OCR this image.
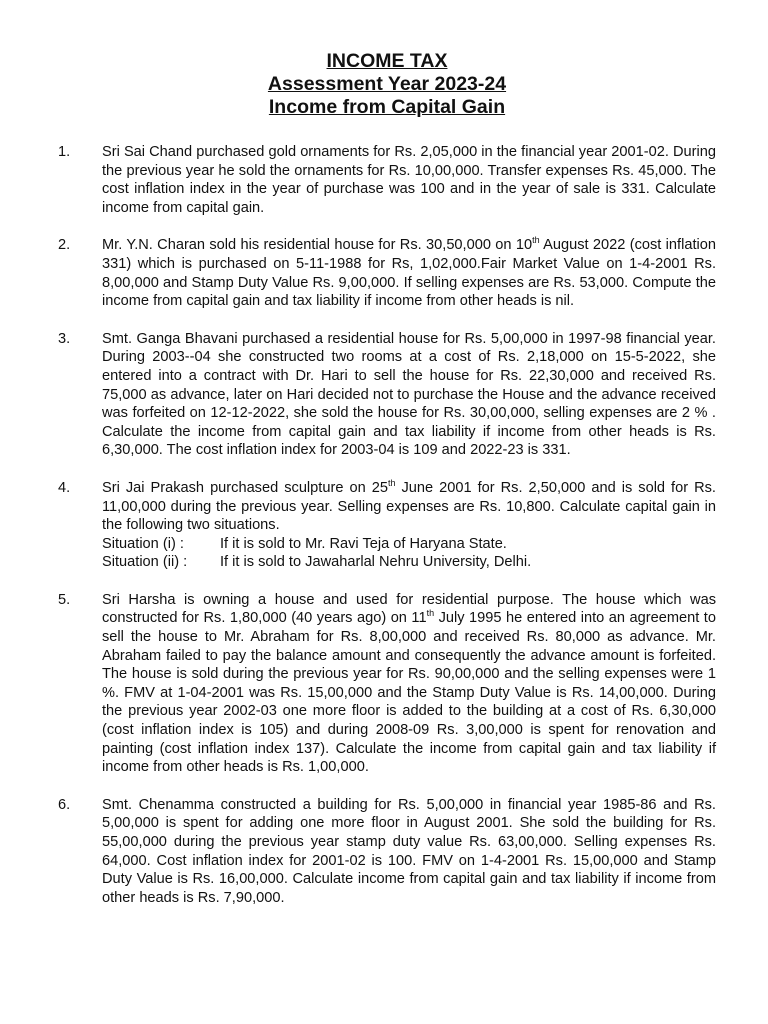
INCOME TAX
Assessment Year 2023-24
Income from Capital Gain
1.	Sri Sai Chand purchased gold ornaments for Rs. 2,05,000 in the financial year 2001-02. During the previous year he sold the ornaments for Rs. 10,00,000. Transfer expenses Rs. 45,000. The cost inflation index in the year of purchase was 100 and in the year of sale is 331. Calculate income from capital gain.
2.	Mr. Y.N. Charan sold his residential house for Rs. 30,50,000 on 10th August 2022 (cost inflation 331) which is purchased on 5-11-1988 for Rs, 1,02,000.Fair Market Value on 1-4-2001 Rs. 8,00,000 and Stamp Duty Value Rs. 9,00,000. If selling expenses are Rs. 53,000. Compute the income from capital gain and tax liability if income from other heads is nil.
3.	Smt. Ganga Bhavani purchased a residential house for Rs. 5,00,000 in 1997-98 financial year. During 2003--04 she constructed two rooms at a cost of Rs. 2,18,000 on 15-5-2022, she entered into a contract with Dr. Hari to sell the house for Rs. 22,30,000 and received Rs. 75,000 as advance, later on Hari decided not to purchase the House and the advance received was forfeited on 12-12-2022, she sold the house for Rs. 30,00,000, selling expenses are 2 % . Calculate the income from capital gain and tax liability if income from other heads is Rs. 6,30,000. The cost inflation index for 2003-04 is 109 and 2022-23 is 331.
4.	Sri Jai Prakash purchased sculpture on 25th June 2001 for Rs. 2,50,000 and is sold for Rs. 11,00,000 during the previous year. Selling expenses are Rs. 10,800. Calculate capital gain in the following two situations.

Situation (i) :	If it is sold to Mr. Ravi Teja of Haryana State.
Situation (ii) :	If it is sold to Jawaharlal Nehru University, Delhi.
5.	Sri Harsha is owning a house and used for residential purpose. The house which was constructed for Rs. 1,80,000 (40 years ago) on 11th July 1995 he entered into an agreement to sell the house to Mr. Abraham for Rs. 8,00,000 and received Rs. 80,000 as advance. Mr. Abraham failed to pay the balance amount and consequently the advance amount is forfeited. The house is sold during the previous year for Rs. 90,00,000 and the selling expenses were 1 %. FMV at 1-04-2001 was Rs. 15,00,000 and the Stamp Duty Value is Rs. 14,00,000. During the previous year 2002-03 one more floor is added to the building at a cost of Rs. 6,30,000 (cost inflation index is 105) and during 2008-09 Rs. 3,00,000 is spent for renovation and painting (cost inflation index 137). Calculate the income from capital gain and tax liability if income from other heads is Rs. 1,00,000.
6.	Smt. Chenamma constructed a building for Rs. 5,00,000 in financial year 1985-86 and Rs. 5,00,000 is spent for adding one more floor in August 2001. She sold the building for Rs. 55,00,000 during the previous year stamp duty value Rs. 63,00,000. Selling expenses Rs. 64,000. Cost inflation index for 2001-02 is 100. FMV on 1-4-2001 Rs. 15,00,000 and Stamp Duty Value is Rs. 16,00,000. Calculate income from capital gain and tax liability if income from other heads is Rs. 7,90,000.
